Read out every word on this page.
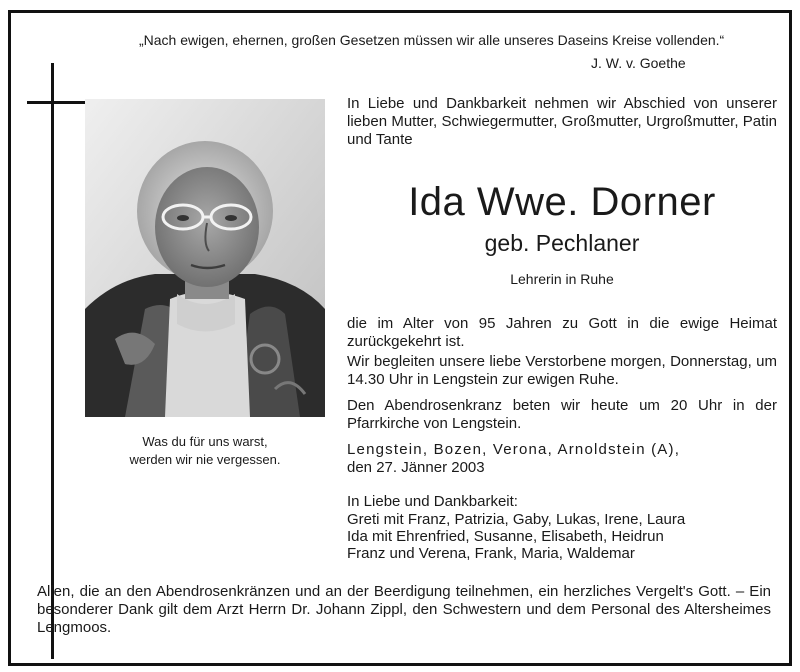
„Nach ewigen, ehernen, großen Gesetzen müssen wir alle unseres Daseins Kreise vollenden.“
J. W. v. Goethe
Was du für uns warst,
werden wir nie vergessen.
In Liebe und Dankbarkeit nehmen wir Abschied von unserer lieben Mutter, Schwiegermutter, Großmutter, Urgroßmutter, Patin und Tante
Ida Wwe. Dorner
geb. Pechlaner
Lehrerin in Ruhe
die im Alter von 95 Jahren zu Gott in die ewige Heimat zurückgekehrt ist.
Wir begleiten unsere liebe Verstorbene morgen, Donnerstag, um 14.30 Uhr in Lengstein zur ewigen Ruhe.
Den Abendrosenkranz beten wir heute um 20 Uhr in der Pfarrkirche von Lengstein.
Lengstein, Bozen, Verona, Arnoldstein (A),
den 27. Jänner 2003
In Liebe und Dankbarkeit:
Greti mit Franz, Patrizia, Gaby, Lukas, Irene, Laura
Ida mit Ehrenfried, Susanne, Elisabeth, Heidrun
Franz und Verena, Frank, Maria, Waldemar
Allen, die an den Abendrosenkränzen und an der Beerdigung teilnehmen, ein herzliches Vergelt's Gott. – Ein besonderer Dank gilt dem Arzt Herrn Dr. Johann Zippl, den Schwestern und dem Personal des Altersheimes Lengmoos.
